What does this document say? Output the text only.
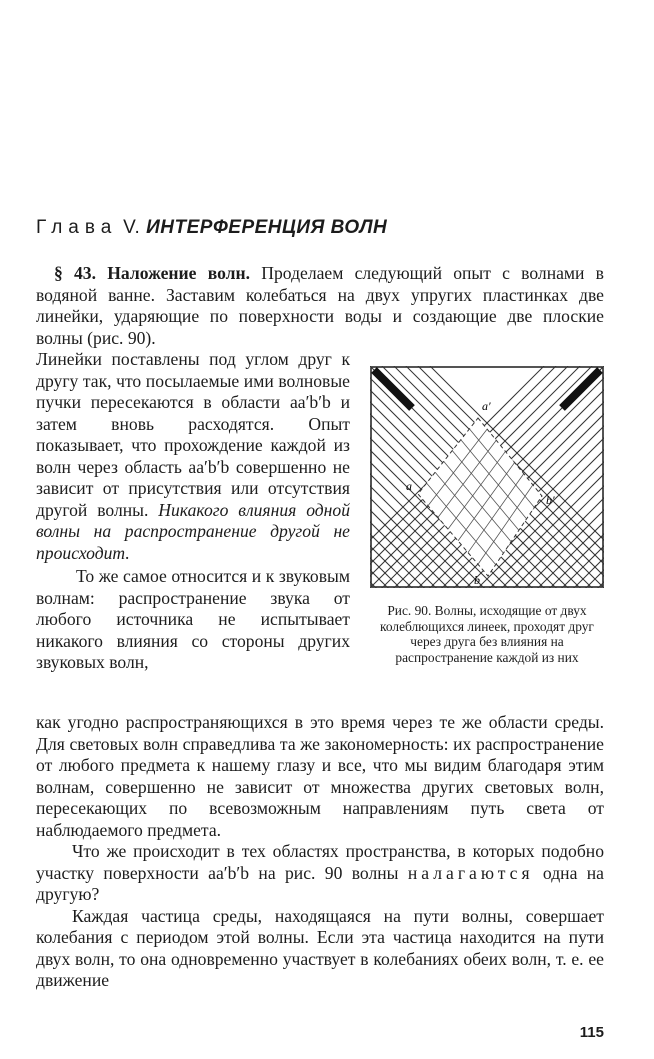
Глава V. ИНТЕРФЕРЕНЦИЯ ВОЛН
§ 43. Наложение волн. Проделаем следующий опыт с волнами в водяной ванне. Заставим колебаться на двух упругих пластинках две линейки, ударяющие по поверхности воды и создающие две плоские волны (рис. 90).
Линейки поставлены под углом друг к другу так, что посылаемые ими волновые пучки пересекаются в области aa′b′b и затем вновь расходятся. Опыт показывает, что прохождение каждой из волн через область aa′b′b совершенно не зависит от присутствия или отсутствия другой волны. Никакого влияния одной волны на распространение другой не происходит.
То же самое относится и к звуковым волнам: распространение звука от любого источника не испытывает никакого влияния со стороны других звуковых волн,
a′
a
b′
b
Рис. 90. Волны, исходящие от двух колеблющихся линеек, проходят друг через друга без влияния на распространение каждой из них

как угодно распространяющихся в это время через те же области среды. Для световых волн справедлива та же закономерность: их распространение от любого предмета к нашему глазу и все, что мы видим благодаря этим волнам, совершенно не зависит от множества других световых волн, пересекающих по всевозможным направлениям путь света от наблюдаемого предмета.

Что же происходит в тех областях пространства, в которых подобно участку поверхности aa′b′b на рис. 90 волны налагаются одна на другую?

Каждая частица среды, находящаяся на пути волны, совершает колебания с периодом этой волны. Если эта частица находится на пути двух волн, то она одновременно участвует в колебаниях обеих волн, т. е. ее движение

115
